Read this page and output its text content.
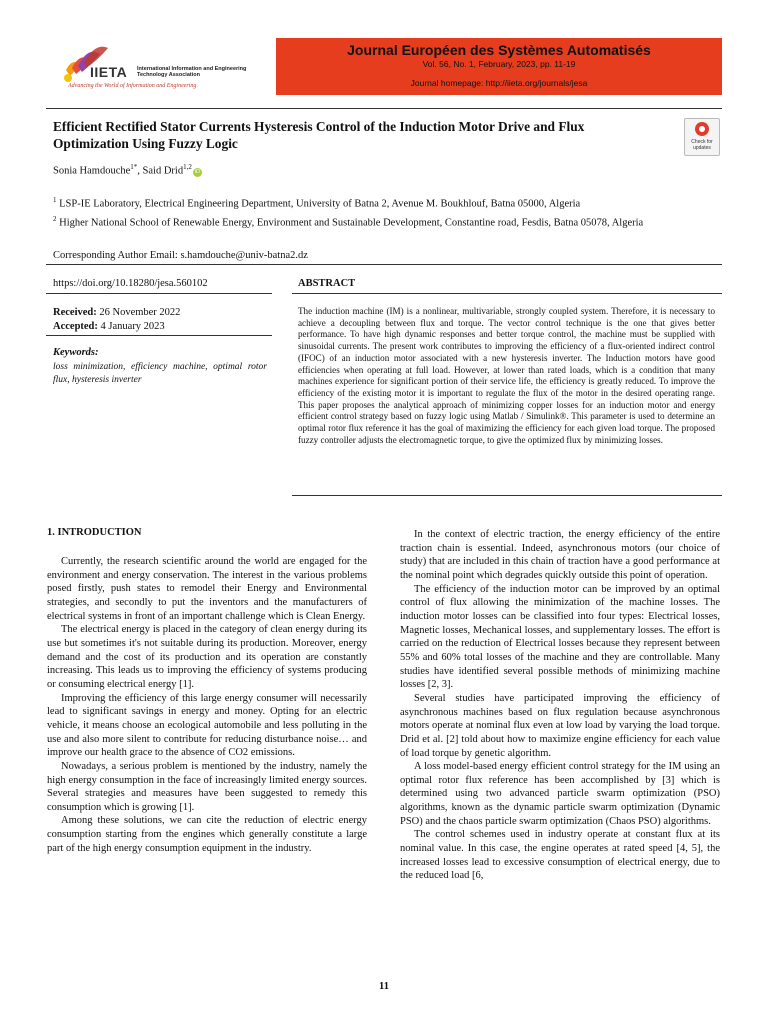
IIETA International Information and Engineering Technology Association
Advancing the World of Information and Engineering
Journal Européen des Systèmes Automatisés
Vol. 56, No. 1, February, 2023, pp. 11-19
Journal homepage: http://iieta.org/journals/jesa
Efficient Rectified Stator Currents Hysteresis Control of the Induction Motor Drive and Flux Optimization Using Fuzzy Logic	Check for updates
Sonia Hamdouche$^{1*}$, Said Drid$^{1,2}$iD
$^1$ LSP-IE Laboratory, Electrical Engineering Department, University of Batna 2, Avenue M. Boukhlouf, Batna 05000, Algeria
$^2$ Higher National School of Renewable Energy, Environment and Sustainable Development, Constantine road, Fesdis, Batna 05078, Algeria
Corresponding Author Email: s.hamdouche@univ-batna2.dz
https://doi.org/10.18280/jesa.560102
Received: 26 November 2022
Accepted: 4 January 2023
Keywords:
loss minimization, efficiency machine, optimal rotor flux, hysteresis inverter
ABSTRACT
The induction machine (IM) is a nonlinear, multivariable, strongly coupled system. Therefore, it is necessary to achieve a decoupling between flux and torque. The vector control technique is the one that gives better performance. To have high dynamic responses and better torque control, the machine must be supplied with sinusoidal currents. The present work contributes to improving the efficiency of a flux-oriented indirect control (IFOC) of an induction motor associated with a new hysteresis inverter. The Induction motors have good efficiencies when operating at full load. However, at lower than rated loads, which is a condition that many machines experience for significant portion of their service life, the efficiency is greatly reduced. To improve the efficiency of the existing motor it is important to regulate the flux of the motor in the desired operating range. This paper proposes the analytical approach of minimizing copper losses for an induction motor and energy efficient control strategy based on fuzzy logic using Matlab / Simulink®. This parameter is used to determine an optimal rotor flux reference it has the goal of maximizing the efficiency for each given load torque. The proposed fuzzy controller adjusts the electromagnetic torque, to give the optimized flux by minimizing losses.
1. INTRODUCTION

Currently, the research scientific around the world are engaged for the environment and energy conservation. The interest in the various problems posed firstly, push states to remodel their Energy and Environmental strategies, and secondly to put the inventors and the manufacturers of electrical systems in front of an important challenge which is Clean Energy.

The electrical energy is placed in the category of clean energy during its use but sometimes it's not suitable during its production. Moreover, energy demand and the cost of its production and its operation are constantly increasing. This leads us to improving the efficiency of systems producing or consuming electrical energy [1].

Improving the efficiency of this large energy consumer will necessarily lead to significant savings in energy and money. Opting for an electric vehicle, it means choose an ecological automobile and less polluting in the use and also more silent to contribute for reducing disturbance noise… and improve our health grace to the absence of CO2 emissions.

Nowadays, a serious problem is mentioned by the industry, namely the high energy consumption in the face of increasingly limited energy sources. Several strategies and measures have been suggested to remedy this consumption which is growing [1].

Among these solutions, we can cite the reduction of electric energy consumption starting from the engines which generally constitute a large part of the high energy consumption equipment in the industry.

In the context of electric traction, the energy efficiency of the entire traction chain is essential. Indeed, asynchronous motors (our choice of study) that are included in this chain of traction have a good performance at the nominal point which degrades quickly outside this point of operation.

The efficiency of the induction motor can be improved by an optimal control of flux allowing the minimization of the machine losses. The induction motor losses can be classified into four types: Electrical losses, Magnetic losses, Mechanical losses, and supplementary losses. The effort is carried on the reduction of Electrical losses because they represent between 55% and 60% total losses of the machine and they are controllable. Many studies have identified several possible methods of minimizing machine losses [2, 3].

Several studies have participated improving the efficiency of asynchronous machines based on flux regulation because asynchronous motors operate at nominal flux even at low load by varying the load torque. Drid et al. [2] told about how to maximize engine efficiency for each value of load torque by genetic algorithm.

A loss model-based energy efficient control strategy for the IM using an optimal rotor flux reference has been accomplished by [3] which is determined using two advanced particle swarm optimization (PSO) algorithms, known as the dynamic particle swarm optimization (Dynamic PSO) and the chaos particle swarm optimization (Chaos PSO) algorithms.

The control schemes used in industry operate at constant flux at its nominal value. In this case, the engine operates at rated speed [4, 5], the increased losses lead to excessive consumption of electrical energy, due to the reduced load [6,

11
